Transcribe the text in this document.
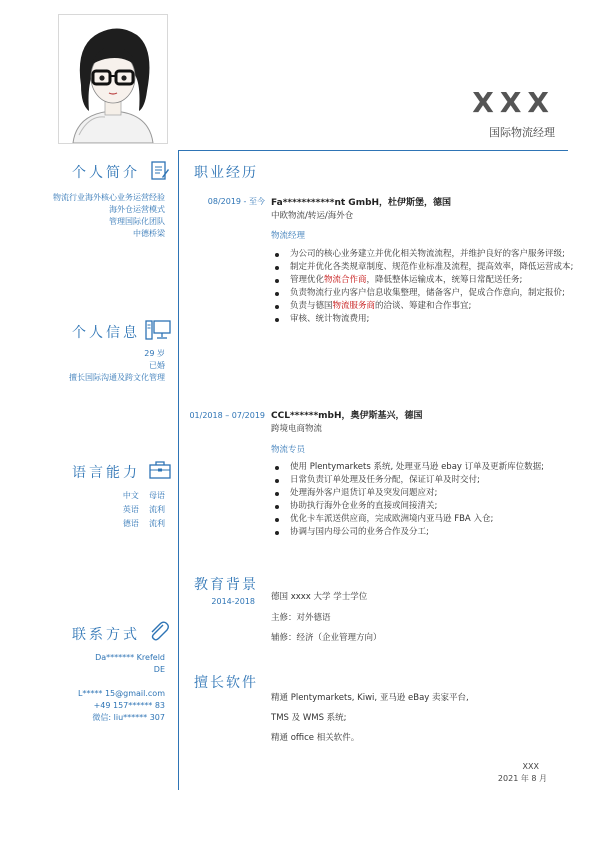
XXX
国际物流经理
个人简介
物流行业海外核心业务运营经验
海外仓运营模式
管理国际化团队
中德桥梁
个人信息
29 岁
已婚
擅长国际沟通及跨文化管理
语言能力
中文 母语
英语 流利
德语 流利
联系方式
Da******* Krefeld
DE
L***** 15@gmail.com
+49 157****** 83
微信: liu****** 307
职业经历
08/2019 - 至今 Fa***********nt GmbH，杜伊斯堡，德国
中欧物流/转运/海外仓
物流经理
为公司的核心业务建立并优化相关物流流程，并维护良好的客户服务评级;
制定并优化各类规章制度、规范作业标准及流程，提高效率，降低运营成本;
管理优化物流合作商，降低整体运输成本，统筹日常配送任务;
负责物流行业内客户信息收集整理，储备客户，促成合作意向，制定报价;
负责与德国物流服务商的洽谈、筹建和合作事宜;
审核、统计物流费用;
01/2018 – 07/2019 CCL******mbH，奥伊斯基兴，德国
跨境电商物流
物流专员
使用 Plentymarkets 系统, 处理亚马逊 ebay 订单及更新库位数据;
日常负责订单处理及任务分配，保证订单及时交付;
处理海外客户退货订单及突发问题应对;
协助执行海外仓业务的直接或间接清关;
优化卡车派送供应商，完成欧洲境内亚马逊 FBA 入仓;
协调与国内母公司的业务合作及分工;
教育背景
2014-2018 德国 xxxx 大学 学士学位
主修：对外德语
辅修：经济（企业管理方向）
擅长软件
精通 Plentymarkets, Kiwi, 亚马逊 eBay 卖家平台,
TMS 及 WMS 系统;
精通 office 相关软件。
XXX
2021 年 8 月
